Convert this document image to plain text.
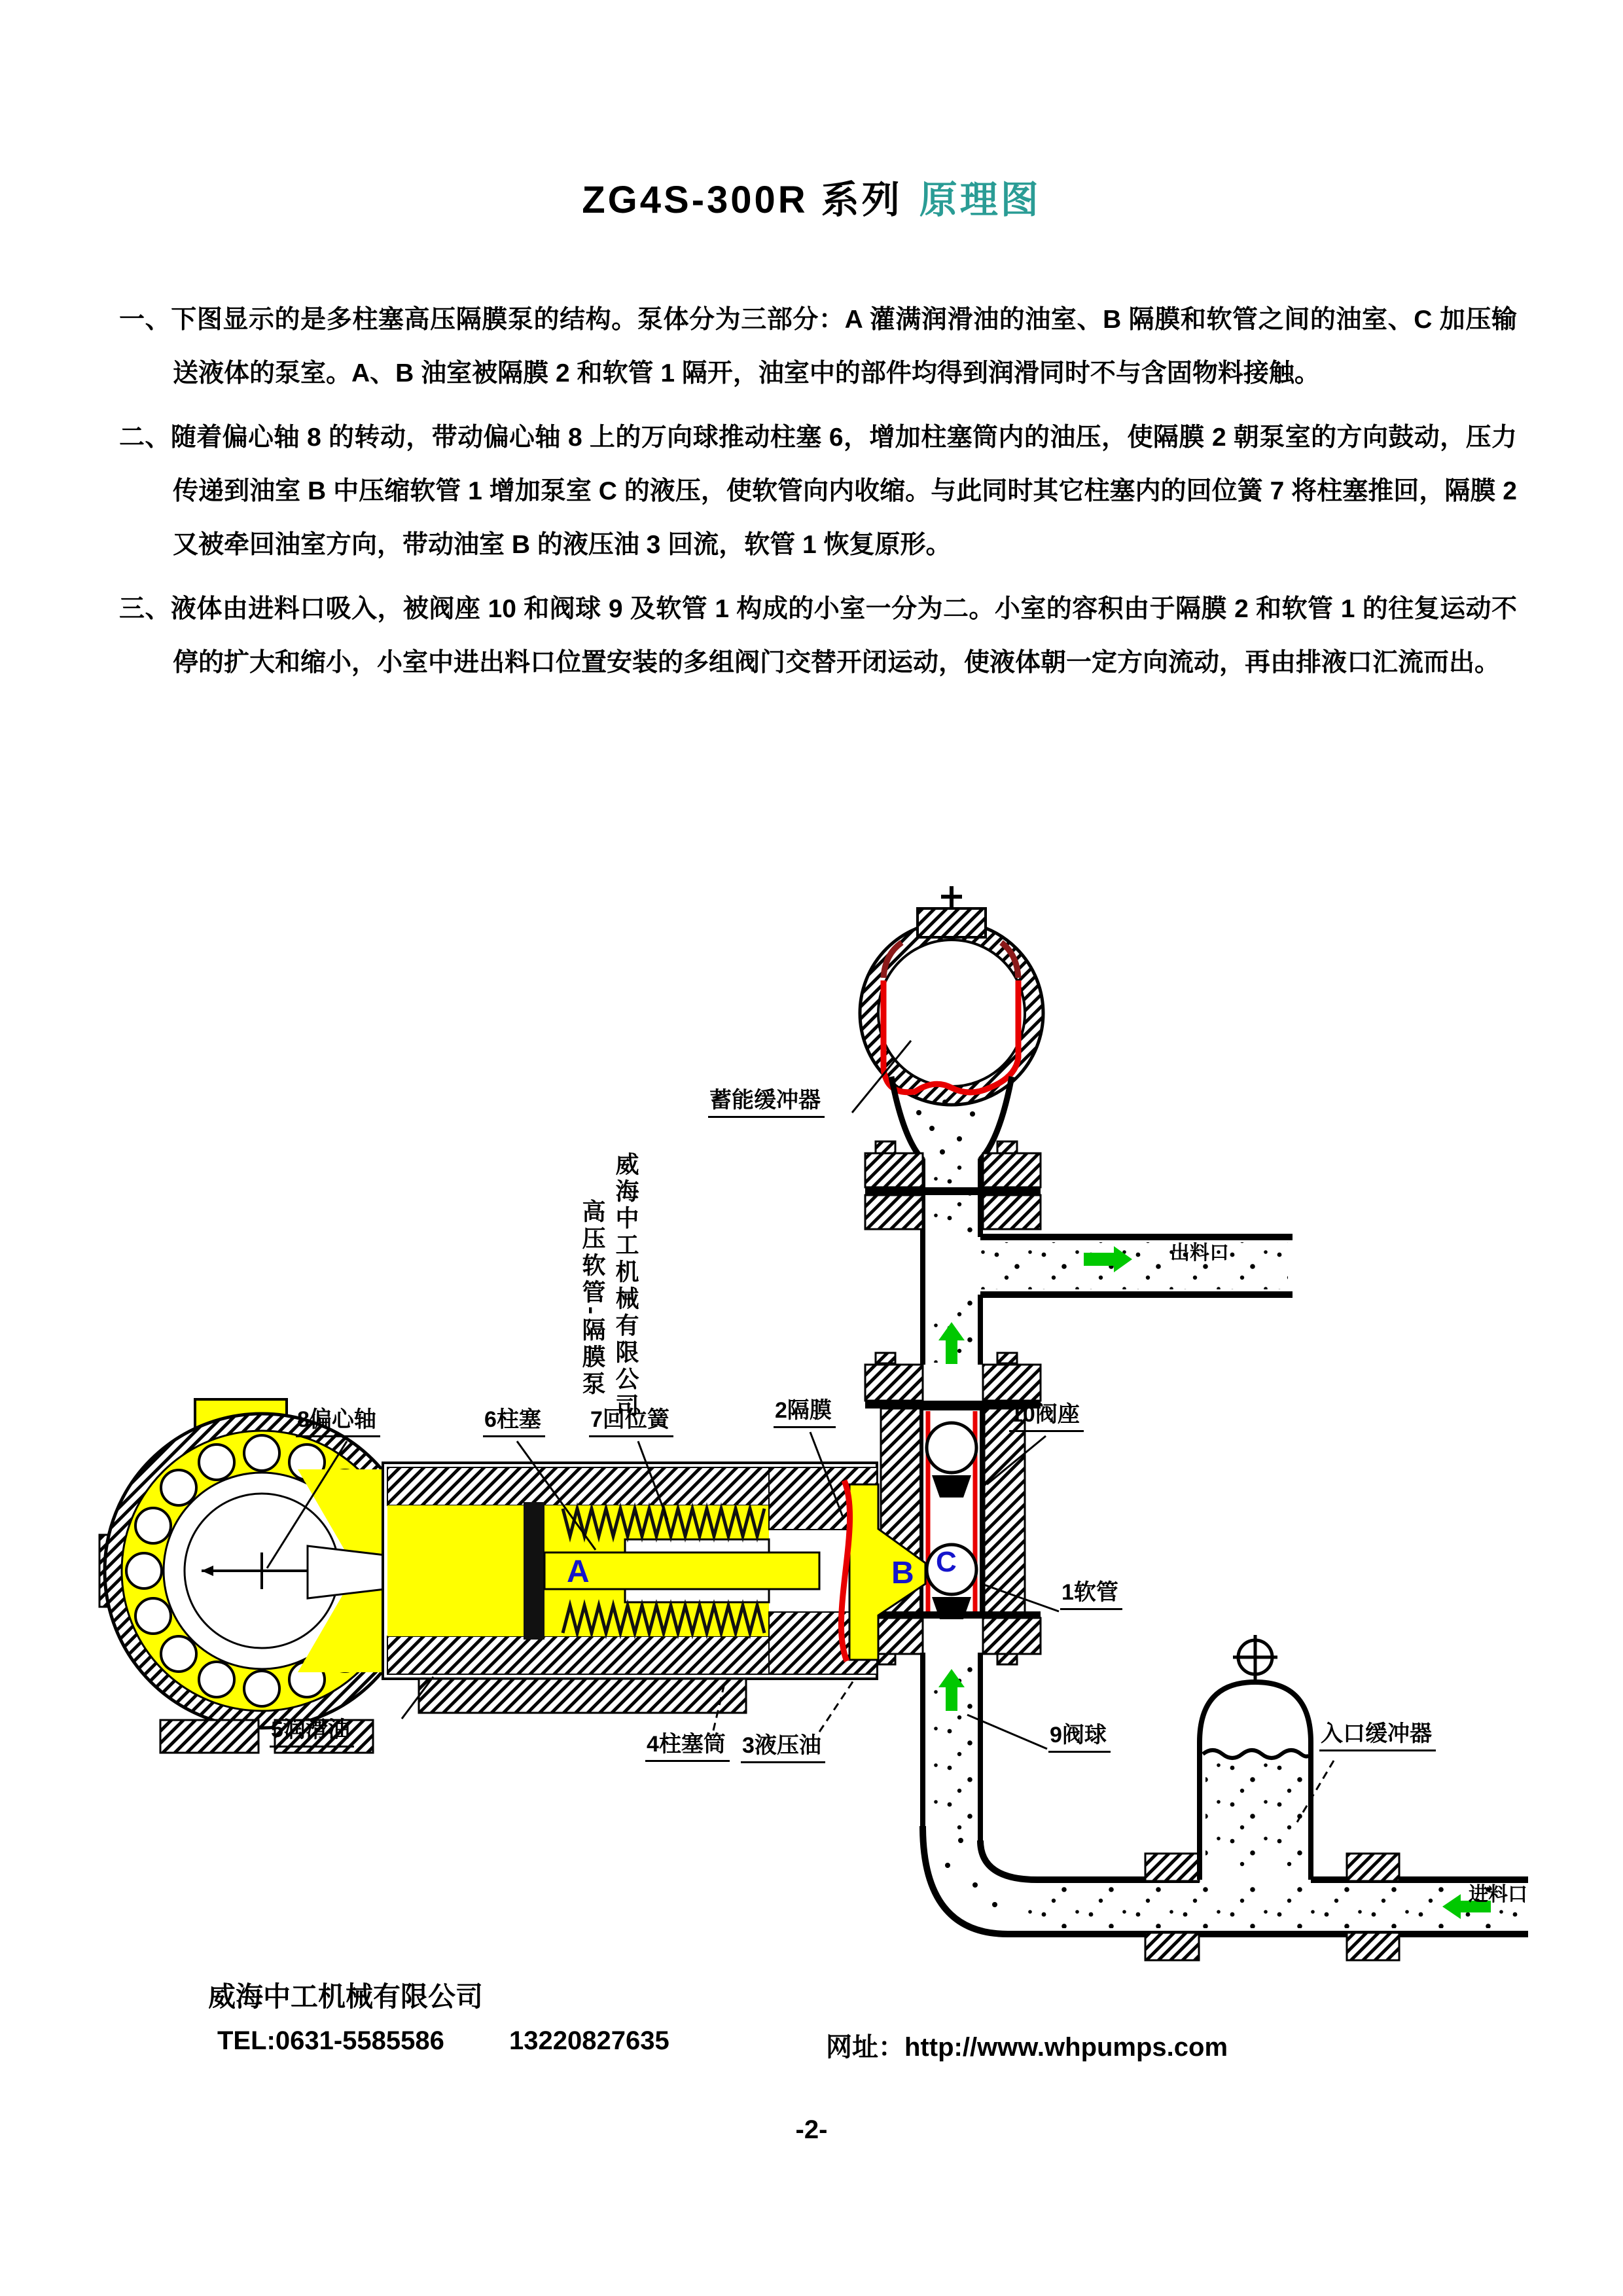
ZG4S-300R 系列 原理图

一、下图显示的是多柱塞高压隔膜泵的结构。泵体分为三部分：A 灌满润滑油的油室、B 隔膜和软管之间的油室、C 加压输送液体的泵室。A、B 油室被隔膜 2 和软管 1 隔开，油室中的部件均得到润滑同时不与含固物料接触。

二、随着偏心轴 8 的转动，带动偏心轴 8 上的万向球推动柱塞 6，增加柱塞筒内的油压，使隔膜 2 朝泵室的方向鼓动，压力传递到油室 B 中压缩软管 1 增加泵室 C 的液压，使软管向内收缩。与此同时其它柱塞内的回位簧 7 将柱塞推回，隔膜 2 又被牵回油室方向，带动油室 B 的液压油 3 回流，软管 1 恢复原形。

三、液体由进料口吸入，被阀座 10 和阀球 9 及软管 1 构成的小室一分为二。小室的容积由于隔膜 2 和软管 1 的往复运动不停的扩大和缩小，小室中进出料口位置安装的多组阀门交替开闭运动，使液体朝一定方向流动，再由排液口汇流而出。

蓄能缓冲器
出料口
8偏心轴	6柱塞 7回位簧	2隔膜	10阀座
1软管
5润滑油
4柱塞筒 3液压油	9阀球	入口缓冲器
进料口
A	B C
威海中工机械有限公司 高压软管-隔膜泵
威海中工机械有限公司
TEL:0631-5585586 13220827635	网址：http://www.whpumps.com
-2-
